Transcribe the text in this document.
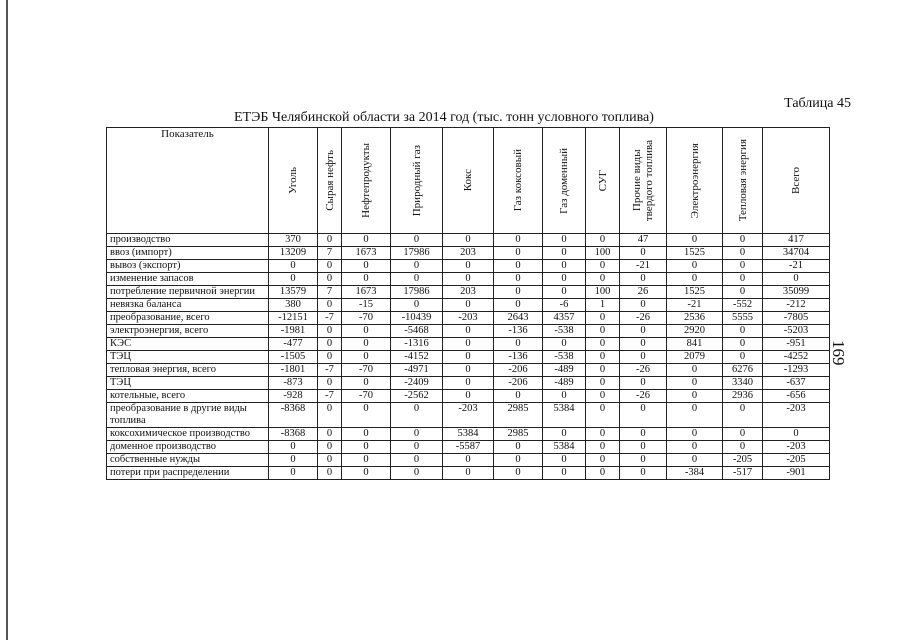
Таблица 45
ЕТЭБ Челябинской области за 2014 год (тыс. тонн условного топлива)
169
Показатель	Уголь	Сырая нефть	Нефтепродукты	Природный газ	Кокс	Газ коксовый	Газ доменный	СУГ	Прочие виды
твердого топлива	Электроэнергия	Тепловая энергия	Всего

производство	370	0	0	0	0	0	0	0	47	0	0	417
ввоз (импорт)	13209	7	1673	17986	203	0	0	100	0	1525	0	34704
вывоз (экспорт)	0	0	0	0	0	0	0	0	-21	0	0	-21
изменение запасов	0	0	0	0	0	0	0	0	0	0	0	0
потребление первичной энергии	13579	7	1673	17986	203	0	0	100	26	1525	0	35099
невязка баланса	380	0	-15	0	0	0	-6	1	0	-21	-552	-212
преобразование, всего	-12151	-7	-70	-10439	-203	2643	4357	0	-26	2536	5555	-7805
электроэнергия, всего	-1981	0	0	-5468	0	-136	-538	0	0	2920	0	-5203
КЭС	-477	0	0	-1316	0	0	0	0	0	841	0	-951
ТЭЦ	-1505	0	0	-4152	0	-136	-538	0	0	2079	0	-4252
тепловая энергия, всего	-1801	-7	-70	-4971	0	-206	-489	0	-26	0	6276	-1293
ТЭЦ	-873	0	0	-2409	0	-206	-489	0	0	0	3340	-637
котельные, всего	-928	-7	-70	-2562	0	0	0	0	-26	0	2936	-656
преобразование в другие виды топлива	-8368	0	0	0	-203	2985	5384	0	0	0	0	-203
коксохимическое производство	-8368	0	0	0	5384	2985	0	0	0	0	0	0
доменное производство	0	0	0	0	-5587	0	5384	0	0	0	0	-203
собственные нужды	0	0	0	0	0	0	0	0	0	0	-205	-205
потери при распределении	0	0	0	0	0	0	0	0	0	-384	-517	-901
